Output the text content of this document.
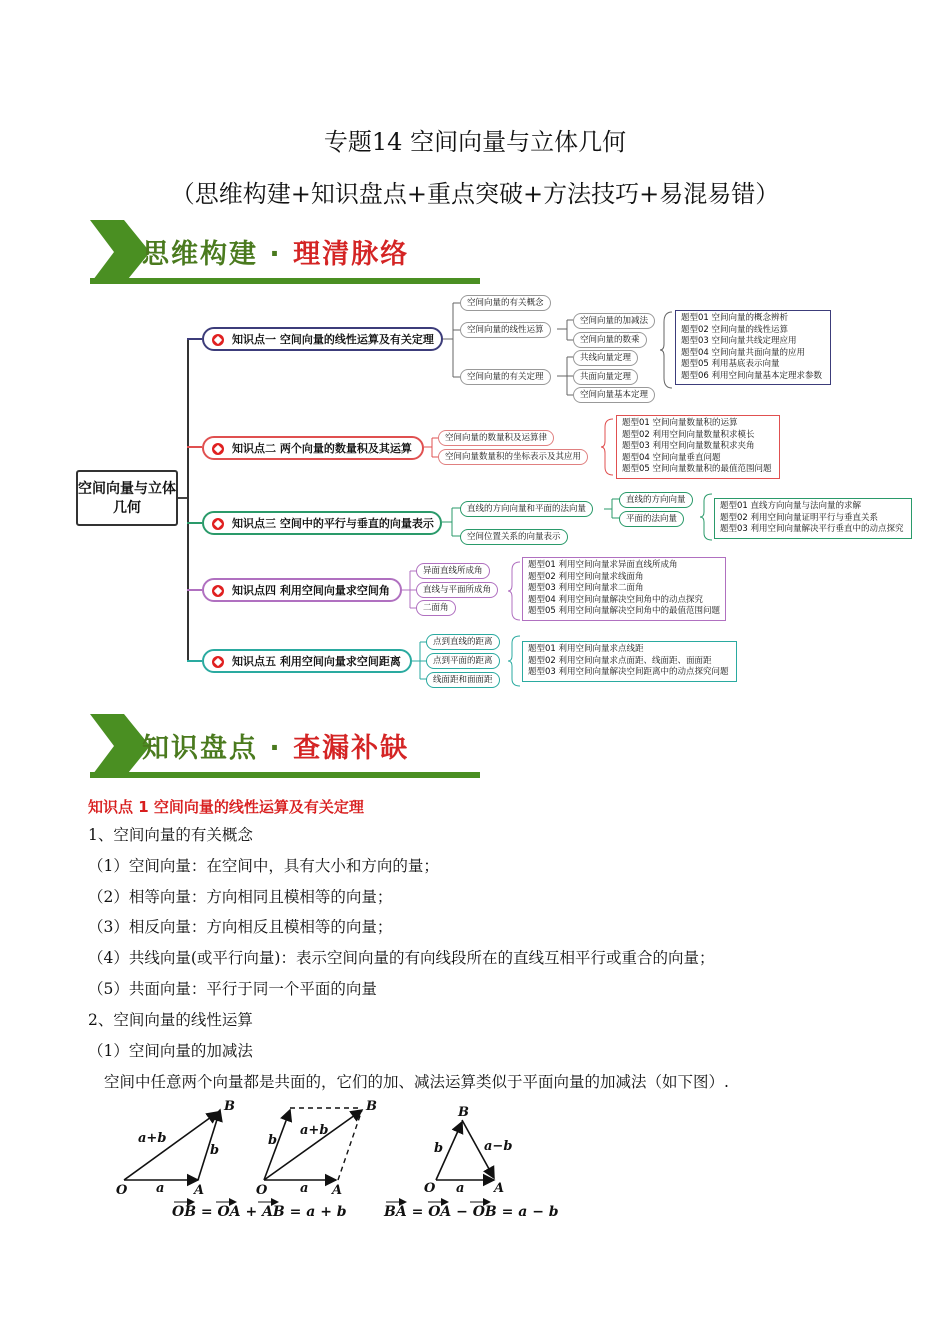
专题14 空间向量与立体几何
（思维构建+知识盘点+重点突破+方法技巧+易混易错）
思维构建 · 理清脉络
空间向量与立体几何
知识点一 空间向量的线性运算及有关定理
空间向量的有关概念
空间向量的线性运算
空间向量的有关定理
空间向量的加减法
空间向量的数乘
共线向量定理
共面向量定理
空间向量基本定理
题型01 空间向量的概念辨析
题型02 空间向量的线性运算
题型03 空间向量共线定理应用
题型04 空间向量共面向量的应用
题型05 利用基底表示向量
题型06 利用空间向量基本定理求参数
知识点二 两个向量的数量积及其运算
空间向量的数量积及运算律
空间向量数量积的坐标表示及其应用
题型01 空间向量数量积的运算
题型02 利用空间向量数量积求模长
题型03 利用空间向量数量积求夹角
题型04 空间向量垂直问题
题型05 空间向量数量积的最值范围问题
知识点三 空间中的平行与垂直的向量表示
直线的方向向量和平面的法向量
空间位置关系的向量表示
直线的方向向量
平面的法向量
题型01 直线方向向量与法向量的求解
题型02 利用空间向量证明平行与垂直关系
题型03 利用空间向量解决平行垂直中的动点探究
知识点四 利用空间向量求空间角
异面直线所成角
直线与平面所成角
二面角
题型01 利用空间向量求异面直线所成角
题型02 利用空间向量求线面角
题型03 利用空间向量求二面角
题型04 利用空间向量解决空间角中的动点探究
题型05 利用空间向量解决空间角中的最值范围问题
知识点五 利用空间向量求空间距离
点到直线的距离
点到平面的距离
线面距和面面距
题型01 利用空间向量求点线距
题型02 利用空间向量求点面距、线面距、面面距
题型03 利用空间向量解决空间距离中的动点探究问题
知识盘点 · 查漏补缺
知识点 1 空间向量的线性运算及有关定理
1、空间向量的有关概念
（1）空间向量：在空间中，具有大小和方向的量；
（2）相等向量：方向相同且模相等的向量；
（3）相反向量：方向相反且模相等的向量；
（4）共线向量(或平行向量)：表示空间向量的有向线段所在的直线互相平行或重合的向量；
（5）共面向量：平行于同一个平面的向量
2、空间向量的线性运算
（1）空间向量的加减法
空间中任意两个向量都是共面的，它们的加、减法运算类似于平面向量的加减法（如下图）.
O	A
B
a
b
a+b
O	A
B
a
b
a+b
O	A
B
a
b	a−b
OB = OA + AB = a + b	BA = OA − OB = a − b
